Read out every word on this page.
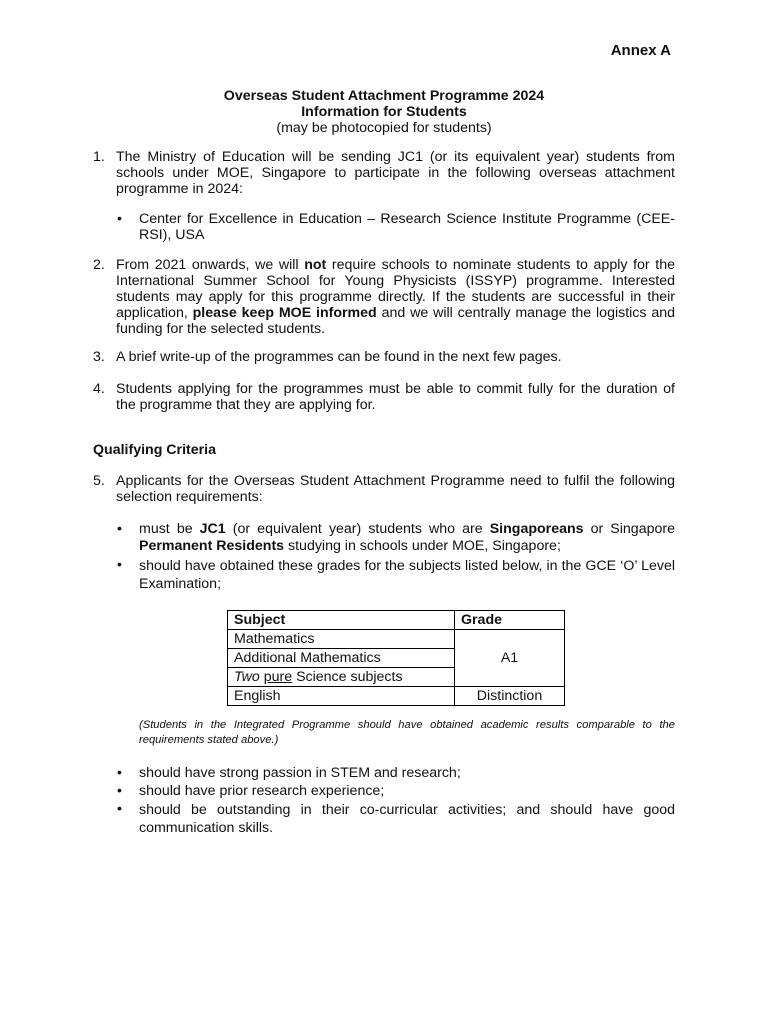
Annex A
Overseas Student Attachment Programme 2024
Information for Students
(may be photocopied for students)
1. The Ministry of Education will be sending JC1 (or its equivalent year) students from schools under MOE, Singapore to participate in the following overseas attachment programme in 2024:
• Center for Excellence in Education – Research Science Institute Programme (CEE-RSI), USA
2. From 2021 onwards, we will not require schools to nominate students to apply for the International Summer School for Young Physicists (ISSYP) programme. Interested students may apply for this programme directly. If the students are successful in their application, please keep MOE informed and we will centrally manage the logistics and funding for the selected students.
3. A brief write-up of the programmes can be found in the next few pages.
4. Students applying for the programmes must be able to commit fully for the duration of the programme that they are applying for.
Qualifying Criteria
5. Applicants for the Overseas Student Attachment Programme need to fulfil the following selection requirements:
• must be JC1 (or equivalent year) students who are Singaporeans or Singapore Permanent Residents studying in schools under MOE, Singapore;
• should have obtained these grades for the subjects listed below, in the GCE ‘O’ Level Examination;
Subject	Grade
Mathematics	A1
Additional Mathematics	
Two pure Science subjects	
English	Distinction
(Students in the Integrated Programme should have obtained academic results comparable to the requirements stated above.)
• should have strong passion in STEM and research;
• should have prior research experience;
• should be outstanding in their co-curricular activities; and should have good communication skills.
